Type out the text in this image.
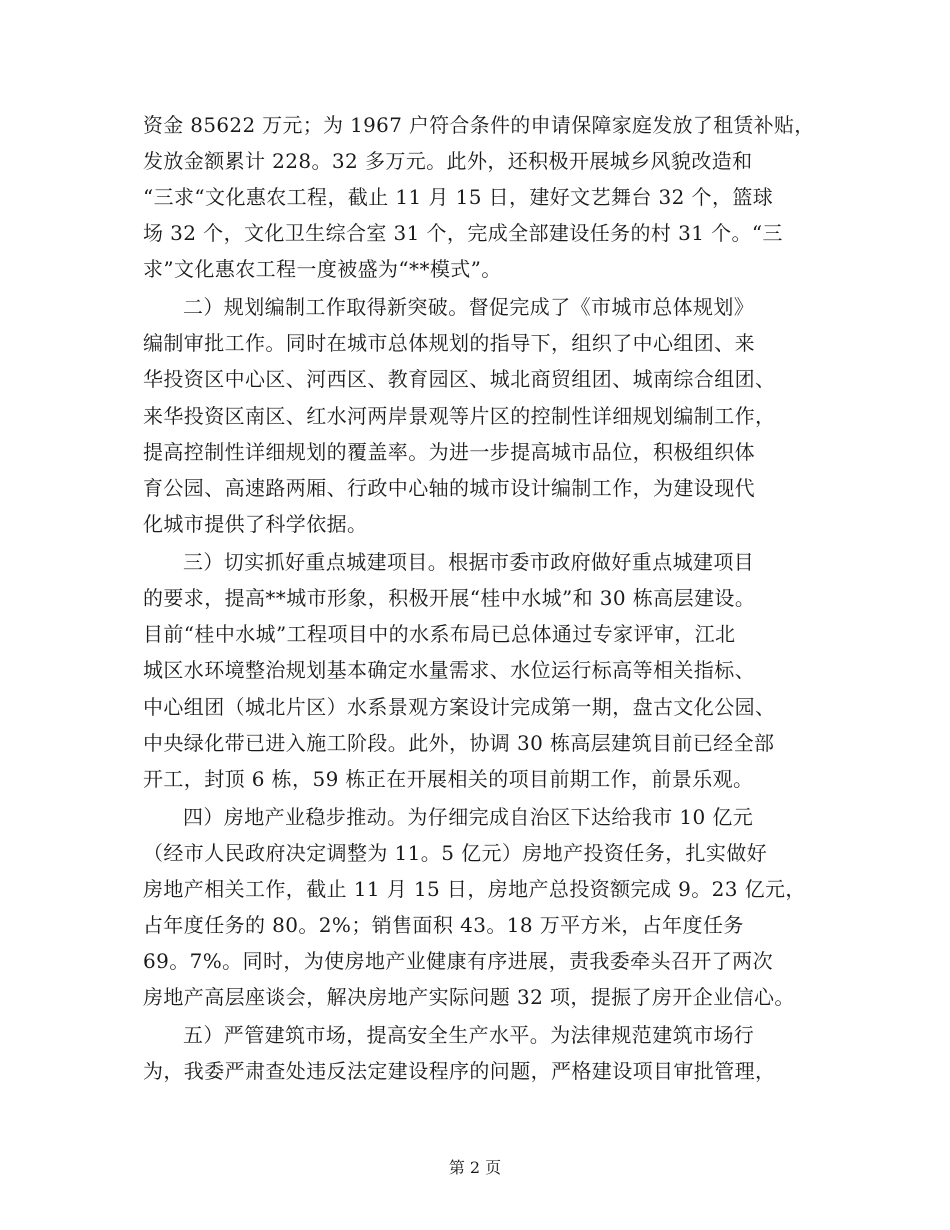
资金 85622 万元；为 1967 户符合条件的申请保障家庭发放了租赁补贴，
发放金额累计 228。32 多万元。此外，还积极开展城乡风貌改造和
“三求“文化惠农工程，截止 11 月 15 日，建好文艺舞台 32 个，篮球
场 32 个，文化卫生综合室 31 个，完成全部建设任务的村 31 个。“三
求”文化惠农工程一度被盛为“**模式”。
二）规划编制工作取得新突破。督促完成了《市城市总体规划》
编制审批工作。同时在城市总体规划的指导下，组织了中心组团、来
华投资区中心区、河西区、教育园区、城北商贸组团、城南综合组团、
来华投资区南区、红水河两岸景观等片区的控制性详细规划编制工作，
提高控制性详细规划的覆盖率。为进一步提高城市品位，积极组织体
育公园、高速路两厢、行政中心轴的城市设计编制工作，为建设现代
化城市提供了科学依据。
三）切实抓好重点城建项目。根据市委市政府做好重点城建项目
的要求，提高**城市形象，积极开展“桂中水城”和 30 栋高层建设。
目前“桂中水城”工程项目中的水系布局已总体通过专家评审，江北
城区水环境整治规划基本确定水量需求、水位运行标高等相关指标、
中心组团（城北片区）水系景观方案设计完成第一期，盘古文化公园、
中央绿化带已进入施工阶段。此外，协调 30 栋高层建筑目前已经全部
开工，封顶 6 栋，59 栋正在开展相关的项目前期工作，前景乐观。
四）房地产业稳步推动。为仔细完成自治区下达给我市 10 亿元
（经市人民政府决定调整为 11。5 亿元）房地产投资任务，扎实做好
房地产相关工作，截止 11 月 15 日，房地产总投资额完成 9。23 亿元，
占年度任务的 80。2%；销售面积 43。18 万平方米，占年度任务
69。7%。同时，为使房地产业健康有序进展，责我委牵头召开了两次
房地产高层座谈会，解决房地产实际问题 32 项，提振了房开企业信心。
五）严管建筑市场，提高安全生产水平。为法律规范建筑市场行
为，我委严肃查处违反法定建设程序的问题，严格建设项目审批管理，
第 2 页
